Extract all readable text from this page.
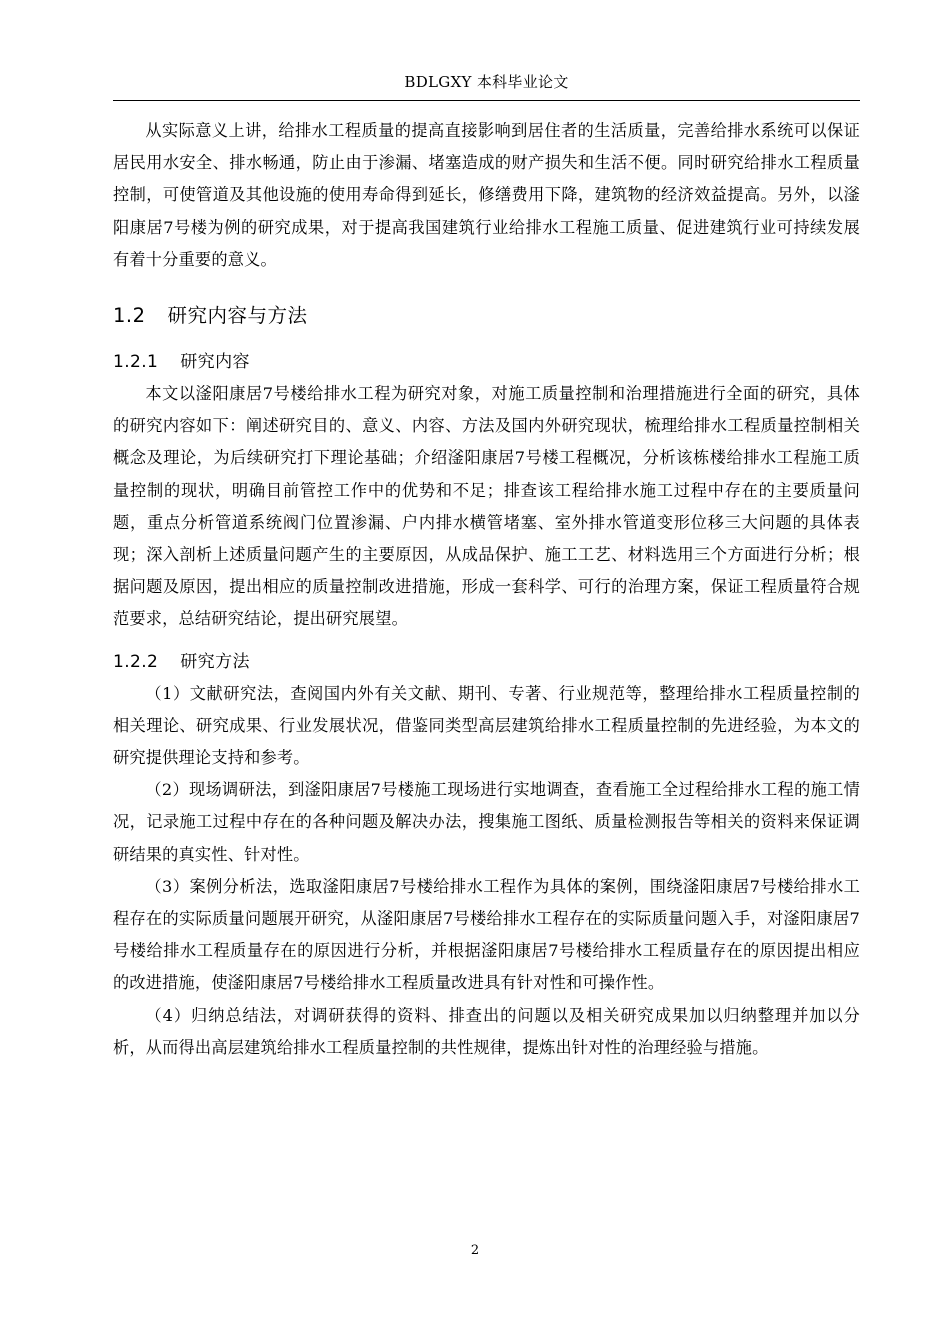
BDLGXY 本科毕业论文

从实际意义上讲，给排水工程质量的提高直接影响到居住者的生活质量，完善给排水系统可以保证居民用水安全、排水畅通，防止由于渗漏、堵塞造成的财产损失和生活不便。同时研究给排水工程质量控制，可使管道及其他设施的使用寿命得到延长，修缮费用下降，建筑物的经济效益提高。另外，以滏阳康居7号楼为例的研究成果，对于提高我国建筑行业给排水工程施工质量、促进建筑行业可持续发展有着十分重要的意义。

1.2 研究内容与方法
1.2.1 研究内容

本文以滏阳康居7号楼给排水工程为研究对象，对施工质量控制和治理措施进行全面的研究，具体的研究内容如下：阐述研究目的、意义、内容、方法及国内外研究现状，梳理给排水工程质量控制相关概念及理论，为后续研究打下理论基础；介绍滏阳康居7号楼工程概况，分析该栋楼给排水工程施工质量控制的现状，明确目前管控工作中的优势和不足；排查该工程给排水施工过程中存在的主要质量问题，重点分析管道系统阀门位置渗漏、户内排水横管堵塞、室外排水管道变形位移三大问题的具体表现；深入剖析上述质量问题产生的主要原因，从成品保护、施工工艺、材料选用三个方面进行分析；根据问题及原因，提出相应的质量控制改进措施，形成一套科学、可行的治理方案，保证工程质量符合规范要求，总结研究结论，提出研究展望。

1.2.2 研究方法

（1）文献研究法，查阅国内外有关文献、期刊、专著、行业规范等，整理给排水工程质量控制的相关理论、研究成果、行业发展状况，借鉴同类型高层建筑给排水工程质量控制的先进经验，为本文的研究提供理论支持和参考。

（2）现场调研法，到滏阳康居7号楼施工现场进行实地调查，查看施工全过程给排水工程的施工情况，记录施工过程中存在的各种问题及解决办法，搜集施工图纸、质量检测报告等相关的资料来保证调研结果的真实性、针对性。

（3）案例分析法，选取滏阳康居7号楼给排水工程作为具体的案例，围绕滏阳康居7号楼给排水工程存在的实际质量问题展开研究，从滏阳康居7号楼给排水工程存在的实际质量问题入手，对滏阳康居7号楼给排水工程质量存在的原因进行分析，并根据滏阳康居7号楼给排水工程质量存在的原因提出相应的改进措施，使滏阳康居7号楼给排水工程质量改进具有针对性和可操作性。

（4）归纳总结法，对调研获得的资料、排查出的问题以及相关研究成果加以归纳整理并加以分析，从而得出高层建筑给排水工程质量控制的共性规律，提炼出针对性的治理经验与措施。

2
